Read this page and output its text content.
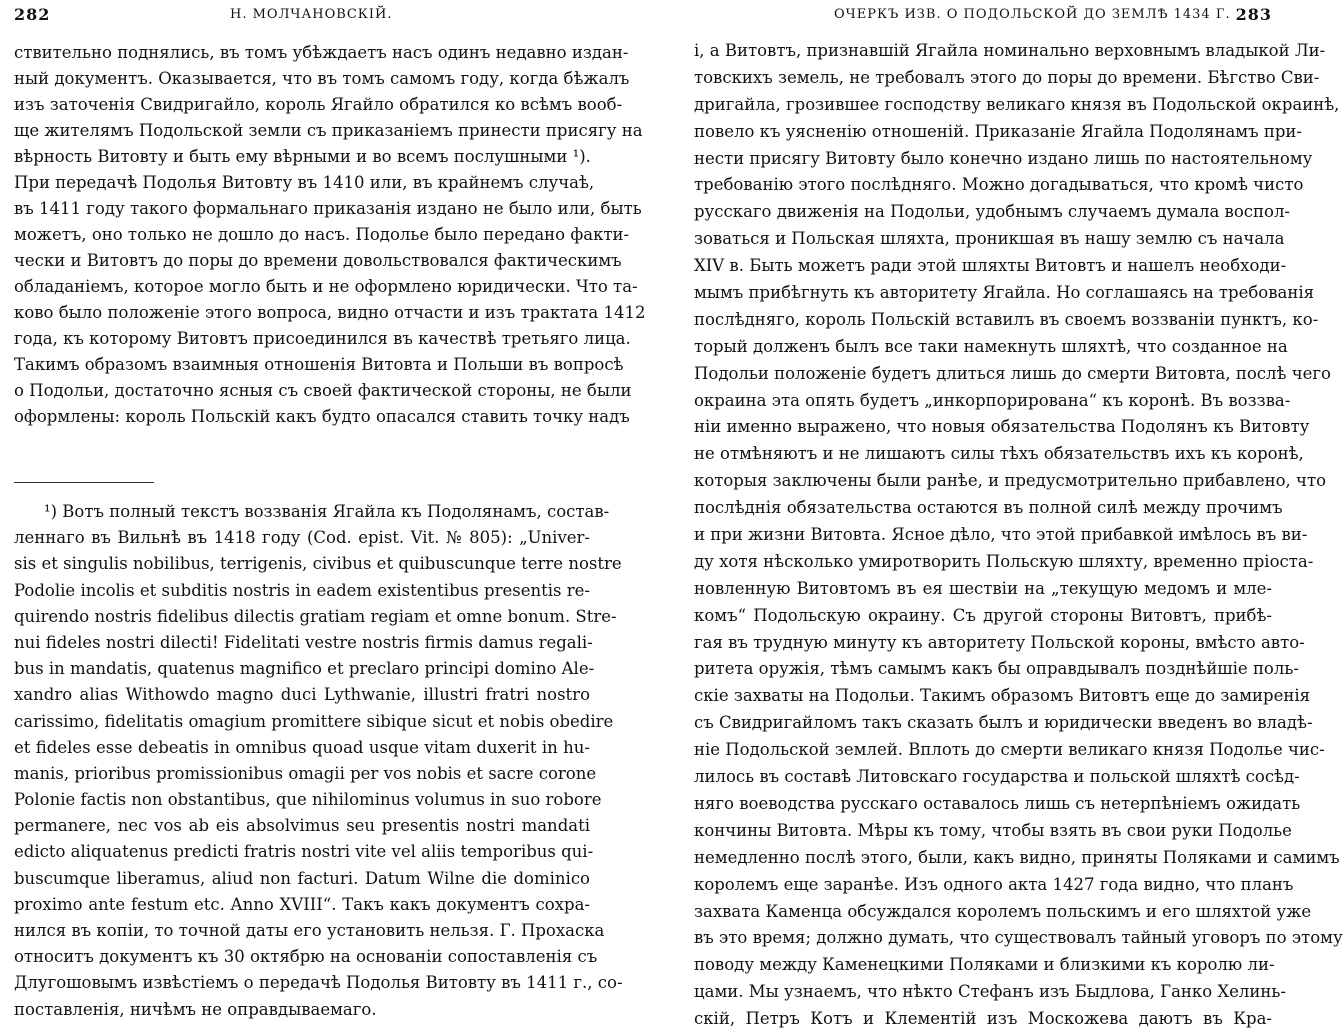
282	Н. МОЛЧАНОВСКІЙ.
ствительно поднялись, въ томъ убѣждаетъ насъ одинъ недавно издан-
ный документъ. Оказывается, что въ томъ самомъ году, когда бѣжалъ
изъ заточенія Свидригайло, король Ягайло обратился ко всѣмъ вооб-
ще жителямъ Подольской земли съ приказаніемъ принести присягу на
вѣрность Витовту и быть ему вѣрными и во всемъ послушными ¹).
При передачѣ Подолья Витовту въ 1410 или, въ крайнемъ случаѣ,
въ 1411 году такого формальнаго приказанія издано не было или, быть
можетъ, оно только не дошло до насъ. Подолье было передано факти-
чески и Витовтъ до поры до времени довольствовался фактическимъ
обладаніемъ, которое могло быть и не оформлено юридически. Что та-
ково было положеніе этого вопроса, видно отчасти и изъ трактата 1412
года, къ которому Витовтъ присоединился въ качествѣ третьяго лица.
Такимъ образомъ взаимныя отношенія Витовта и Польши въ вопросѣ
о Подольи, достаточно ясныя съ своей фактической стороны, не были
оформлены: король Польскій какъ будто опасался ставить точку надъ
¹) Вотъ полный текстъ воззванія Ягайла къ Подолянамъ, состав-
леннаго въ Вильнѣ въ 1418 году (Cod. epist. Vit. № 805): „Univer-
sis et singulis nobilibus, terrigenis, civibus et quibuscunque terre nostre
Podolie incolis et subditis nostris in eadem existentibus presentis re-
quirendo nostris fidelibus dilectis gratiam regiam et omne bonum. Stre-
nui fideles nostri dilecti! Fidelitati vestre nostris firmis damus regali-
bus in mandatis, quatenus magnifico et preclaro principi domino Ale-
xandro alias Withowdo magno duci Lythwanie, illustri fratri nostro
carissimo, fidelitatis omagium promittere sibique sicut et nobis obedire
et fideles esse debeatis in omnibus quoad usque vitam duxerit in hu-
manis, prioribus promissionibus omagii per vos nobis et sacre corone
Polonie factis non obstantibus, que nihilominus volumus in suo robore
permanere, nec vos ab eis absolvimus seu presentis nostri mandati
edicto aliquatenus predicti fratris nostri vite vel aliis temporibus qui-
buscumque liberamus, aliud non facturi. Datum Wilne die dominico
proximo ante festum etc. Anno XVIII“. Такъ какъ документъ сохра-
нился въ копіи, то точной даты его установить нельзя. Г. Прохаска
относитъ документъ къ 30 октябрю на основаніи сопоставленія съ
Длугошовымъ извѣстіемъ о передачѣ Подолья Витовту въ 1411 г., со-
поставленія, ничѣмъ не оправдываемаго.
ОЧЕРКЪ ИЗВ. О ПОДОЛЬСКОЙ ДО ЗЕМЛѢ 1434 Г. 283
і, а Витовтъ, признавшій Ягайла номинально верховнымъ владыкой Ли-
товскихъ земель, не требовалъ этого до поры до времени. Бѣгство Сви-
дригайла, грозившее господству великаго князя въ Подольской окраинѣ,
повело къ уясненію отношеній. Приказаніе Ягайла Подолянамъ при-
нести присягу Витовту было конечно издано лишь по настоятельному
требованію этого послѣдняго. Можно догадываться, что кромѣ чисто
русскаго движенія на Подольи, удобнымъ случаемъ думала воспол-
зоваться и Польская шляхта, проникшая въ нашу землю съ начала
XIV в. Быть можетъ ради этой шляхты Витовтъ и нашелъ необходи-
мымъ прибѣгнуть къ авторитету Ягайла. Но соглашаясь на требованія
послѣдняго, король Польскій вставилъ въ своемъ воззваніи пунктъ, ко-
торый долженъ былъ все таки намекнуть шляхтѣ, что созданное на
Подольи положеніе будетъ длиться лишь до смерти Витовта, послѣ чего
окраина эта опять будетъ „инкорпорирована“ къ коронѣ. Въ воззва-
ніи именно выражено, что новыя обязательства Подолянъ къ Витовту
не отмѣняютъ и не лишаютъ силы тѣхъ обязательствъ ихъ къ коронѣ,
которыя заключены были ранѣе, и предусмотрительно прибавлено, что
послѣднія обязательства остаются въ полной силѣ между прочимъ
и при жизни Витовта. Ясное дѣло, что этой прибавкой имѣлось въ ви-
ду хотя нѣсколько умиротворить Польскую шляхту, временно пріоста-
новленную Витовтомъ въ ея шествіи на „текущую медомъ и мле-
комъ“ Подольскую окраину. Съ другой стороны Витовтъ, прибѣ-
гая въ трудную минуту къ авторитету Польской короны, вмѣсто авто-
ритета оружія, тѣмъ самымъ какъ бы оправдывалъ позднѣйшіе поль-
скіе захваты на Подольи. Такимъ образомъ Витовтъ еще до замиренія
съ Свидригайломъ такъ сказать былъ и юридически введенъ во владѣ-
ніе Подольской землей. Вплоть до смерти великаго князя Подолье чис-
лилось въ составѣ Литовскаго государства и польской шляхтѣ сосѣд-
няго воеводства русскаго оставалось лишь съ нетерпѣніемъ ожидать
кончины Витовта. Мѣры къ тому, чтобы взять въ свои руки Подолье
немедленно послѣ этого, были, какъ видно, приняты Поляками и самимъ
королемъ еще заранѣе. Изъ одного акта 1427 года видно, что планъ
захвата Каменца обсуждался королемъ польскимъ и его шляхтой уже
въ это время; должно думать, что существовалъ тайный уговоръ по этому
поводу между Каменецкими Поляками и близкими къ королю ли-
цами. Мы узнаемъ, что нѣкто Стефанъ изъ Быдлова, Ганко Хелинь-
скій, Петръ Котъ и Клементій изъ Москожева даютъ въ Кра-
